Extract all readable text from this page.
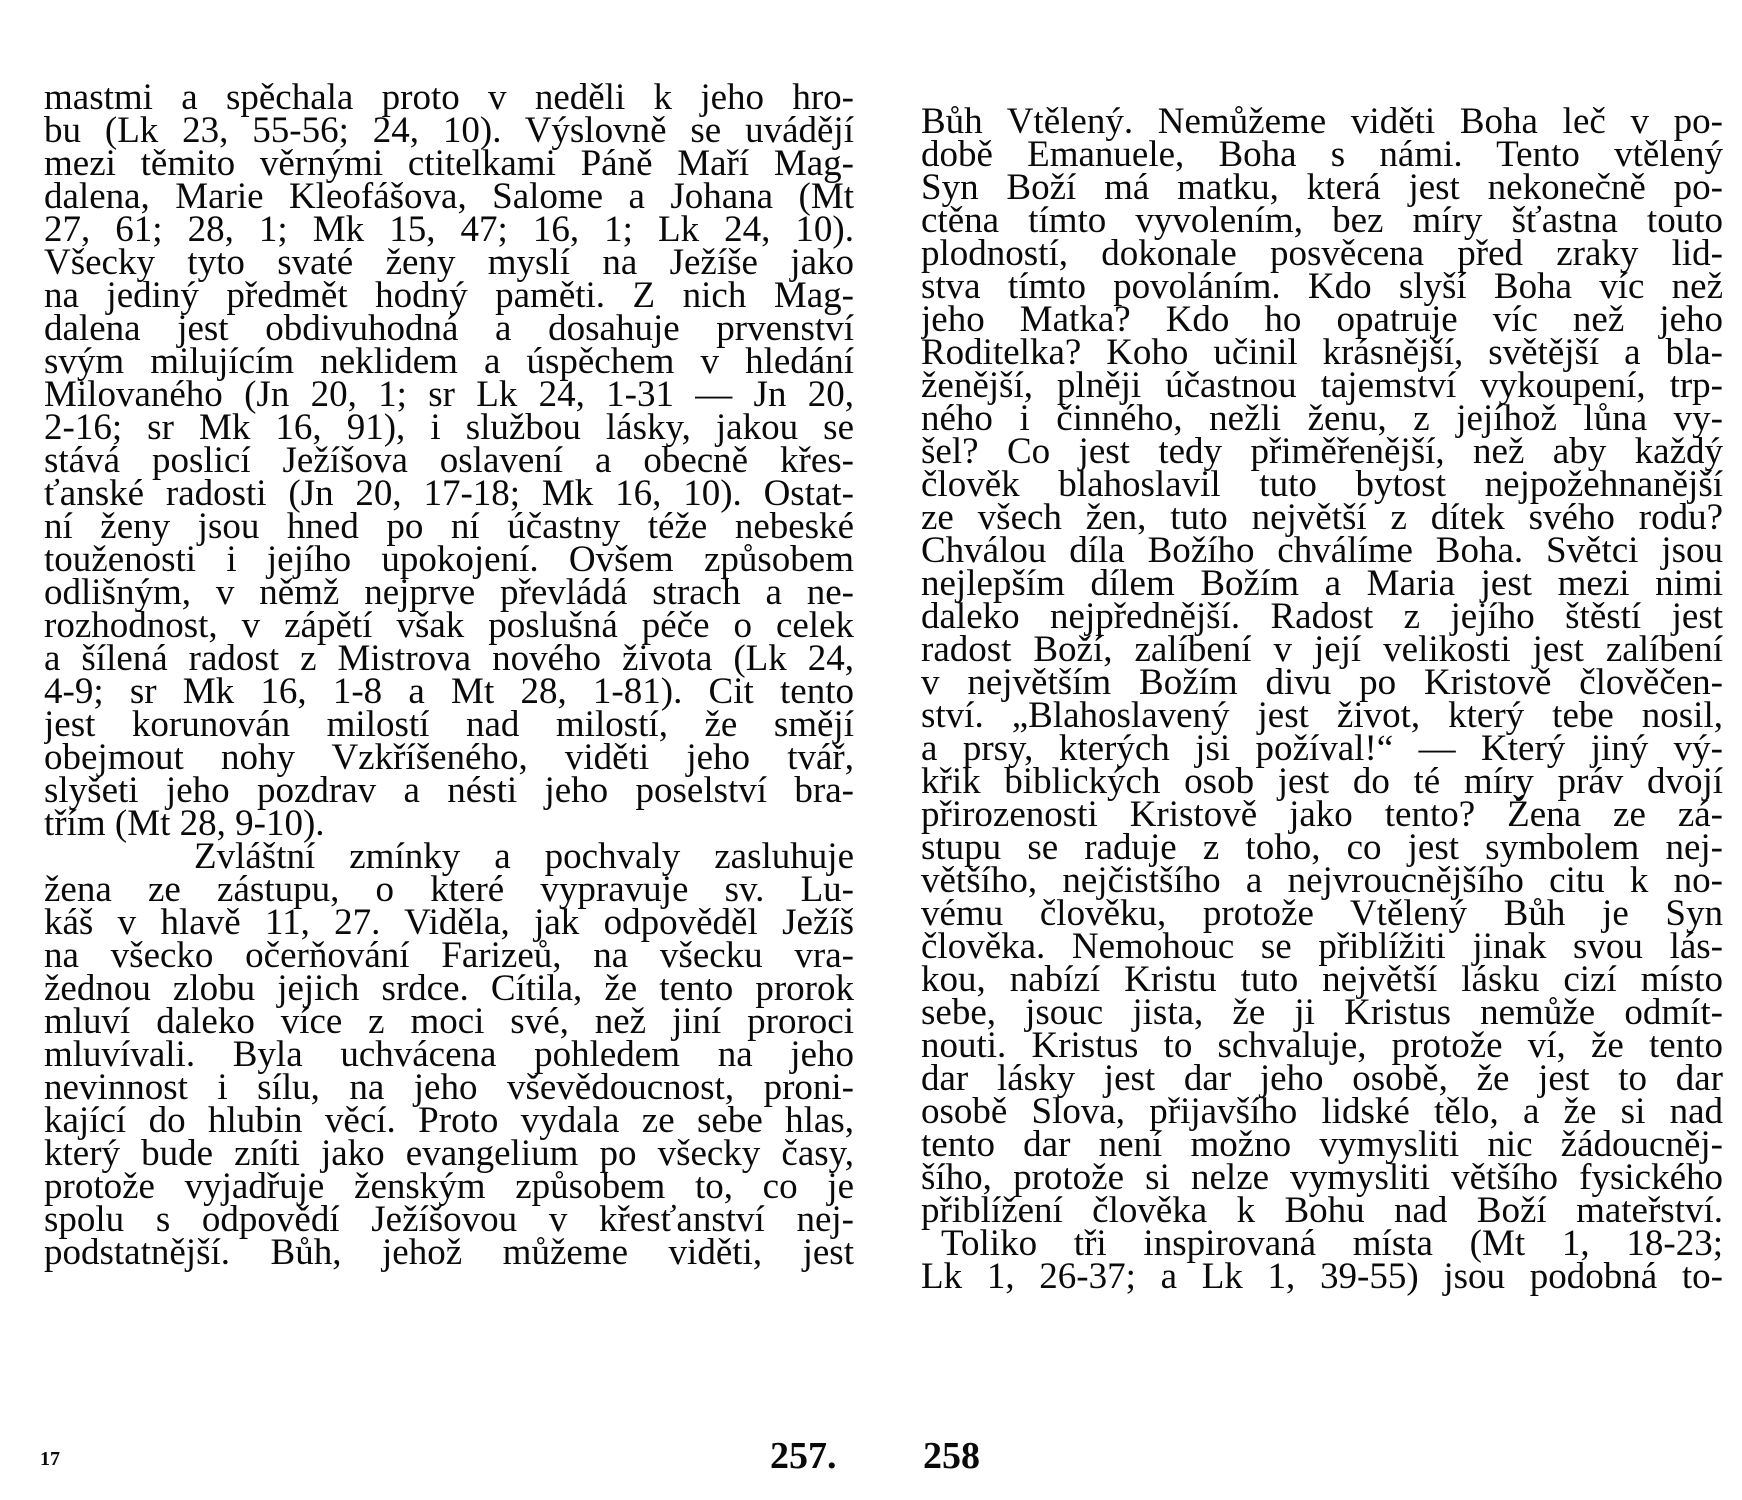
mastmi a spěchala proto v neděli k jeho hro-
bu (Lk 23, 55-56; 24, 10). Výslovně se uvádějí
mezi těmito věrnými ctitelkami Páně Maří Mag-
dalena, Marie Kleofášova, Salome a Johana (Mt
27, 61; 28, 1; Mk 15, 47; 16, 1; Lk 24, 10).
Všecky tyto svaté ženy myslí na Ježíše jako
na jediný předmět hodný paměti. Z nich Mag-
dalena jest obdivuhodná a dosahuje prvenství
svým milujícím neklidem a úspěchem v hledání
Milovaného (Jn 20, 1; sr Lk 24, 1-31 — Jn 20,
2-16; sr Mk 16, 91), i službou lásky, jakou se
stává poslicí Ježíšova oslavení a obecně křes-
ťanské radosti (Jn 20, 17-18; Mk 16, 10). Ostat-
ní ženy jsou hned po ní účastny téže nebeské
touženosti i jejího upokojení. Ovšem způsobem
odlišným, v němž nejprve převládá strach a ne-
rozhodnost, v zápětí však poslušná péče o celek
a šílená radost z Mistrova nového života (Lk 24,
4-9; sr Mk 16, 1-8 a Mt 28, 1-81). Cit tento
jest korunován milostí nad milostí, že smějí
obejmout nohy Vzkříšeného, viděti jeho tvář,
slyšeti jeho pozdrav a nésti jeho poselství bra-
třím (Mt 28, 9-10).
Zvláštní zmínky a pochvaly zasluhuje
žena ze zástupu, o které vypravuje sv. Lu-
káš v hlavě 11, 27. Viděla, jak odpověděl Ježíš
na všecko očerňování Farizeů, na všecku vra-
žednou zlobu jejich srdce. Cítila, že tento prorok
mluví daleko více z moci své, než jiní proroci
mluvívali. Byla uchvácena pohledem na jeho
nevinnost i sílu, na jeho vševědoucnost, proni-
kající do hlubin věcí. Proto vydala ze sebe hlas,
který bude zníti jako evangelium po všecky časy,
protože vyjadřuje ženským způsobem to, co je
spolu s odpovědí Ježíšovou v křesťanství nej-
podstatnější. Bůh, jehož můžeme viděti, jest
17	257.
Bůh Vtělený. Nemůžeme viděti Boha leč v po-
době Emanuele, Boha s námi. Tento vtělený
Syn Boží má matku, která jest nekonečně po-
ctěna tímto vyvolením, bez míry šťastna touto
plodností, dokonale posvěcena před zraky lid-
stva tímto povoláním. Kdo slyší Boha víc než
jeho Matka? Kdo ho opatruje víc než jeho
Roditelka? Koho učinil krásnější, světější a bla-
ženější, plněji účastnou tajemství vykoupení, trp-
ného i činného, nežli ženu, z jejíhož lůna vy-
šel? Co jest tedy přiměřenější, než aby každý
člověk blahoslavil tuto bytost nejpožehnanější
ze všech žen, tuto největší z dítek svého rodu?
Chválou díla Božího chválíme Boha. Světci jsou
nejlepším dílem Božím a Maria jest mezi nimi
daleko nejpřednější. Radost z jejího štěstí jest
radost Boží, zalíbení v její velikosti jest zalíbení
v největším Božím divu po Kristově člověčen-
ství. „Blahoslavený jest život, který tebe nosil,
a prsy, kterých jsi požíval!“ — Který jiný vý-
křik biblických osob jest do té míry práv dvojí
přirozenosti Kristově jako tento? Žena ze zá-
stupu se raduje z toho, co jest symbolem nej-
většího, nejčistšího a nejvroucnějšího citu k no-
vému člověku, protože Vtělený Bůh je Syn
člověka. Nemohouc se přiblížiti jinak svou lás-
kou, nabízí Kristu tuto největší lásku cizí místo
sebe, jsouc jista, že ji Kristus nemůže odmít-
nouti. Kristus to schvaluje, protože ví, že tento
dar lásky jest dar jeho osobě, že jest to dar
osobě Slova, přijavšího lidské tělo, a že si nad
tento dar není možno vymysliti nic žádoucněj-
šího, protože si nelze vymysliti většího fysického
přiblížení člověka k Bohu nad Boží mateřství.
Toliko tři inspirovaná místa (Mt 1, 18-23;
Lk 1, 26-37; a Lk 1, 39-55) jsou podobná to-
258
